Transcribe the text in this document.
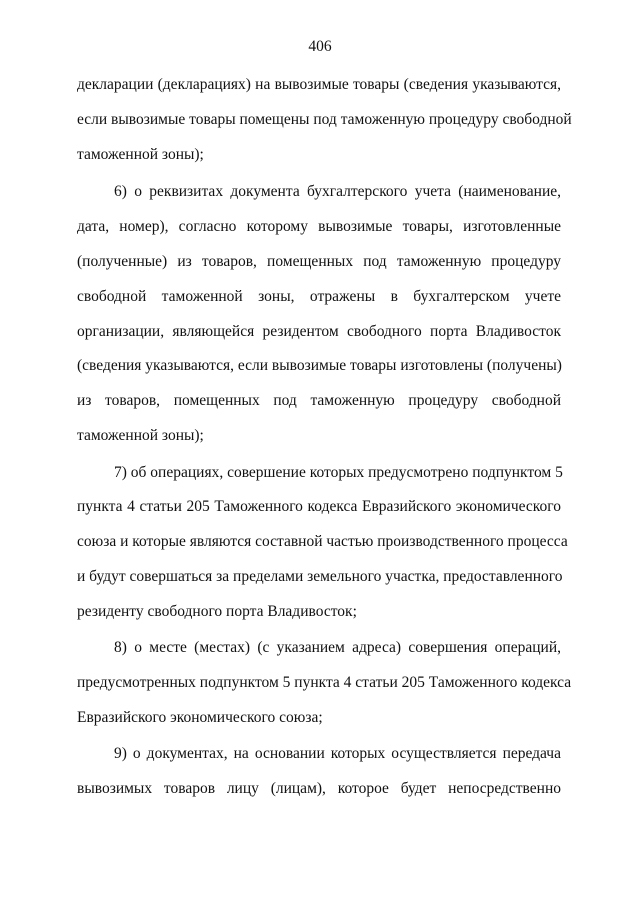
406
декларации (декларациях) на вывозимые товары (сведения указываются,
если вывозимые товары помещены под таможенную процедуру свободной
таможенной зоны);
6) о реквизитах документа бухгалтерского учета (наименование,
дата, номер), согласно которому вывозимые товары, изготовленные
(полученные) из товаров, помещенных под таможенную процедуру
свободной таможенной зоны, отражены в бухгалтерском учете
организации, являющейся резидентом свободного порта Владивосток
(сведения указываются, если вывозимые товары изготовлены (получены)
из товаров, помещенных под таможенную процедуру свободной
таможенной зоны);
7) об операциях, совершение которых предусмотрено подпунктом 5
пункта 4 статьи 205 Таможенного кодекса Евразийского экономического
союза и которые являются составной частью производственного процесса
и будут совершаться за пределами земельного участка, предоставленного
резиденту свободного порта Владивосток;
8) о месте (местах) (с указанием адреса) совершения операций,
предусмотренных подпунктом 5 пункта 4 статьи 205 Таможенного кодекса
Евразийского экономического союза;
9) о документах, на основании которых осуществляется передача
вывозимых товаров лицу (лицам), которое будет непосредственно
